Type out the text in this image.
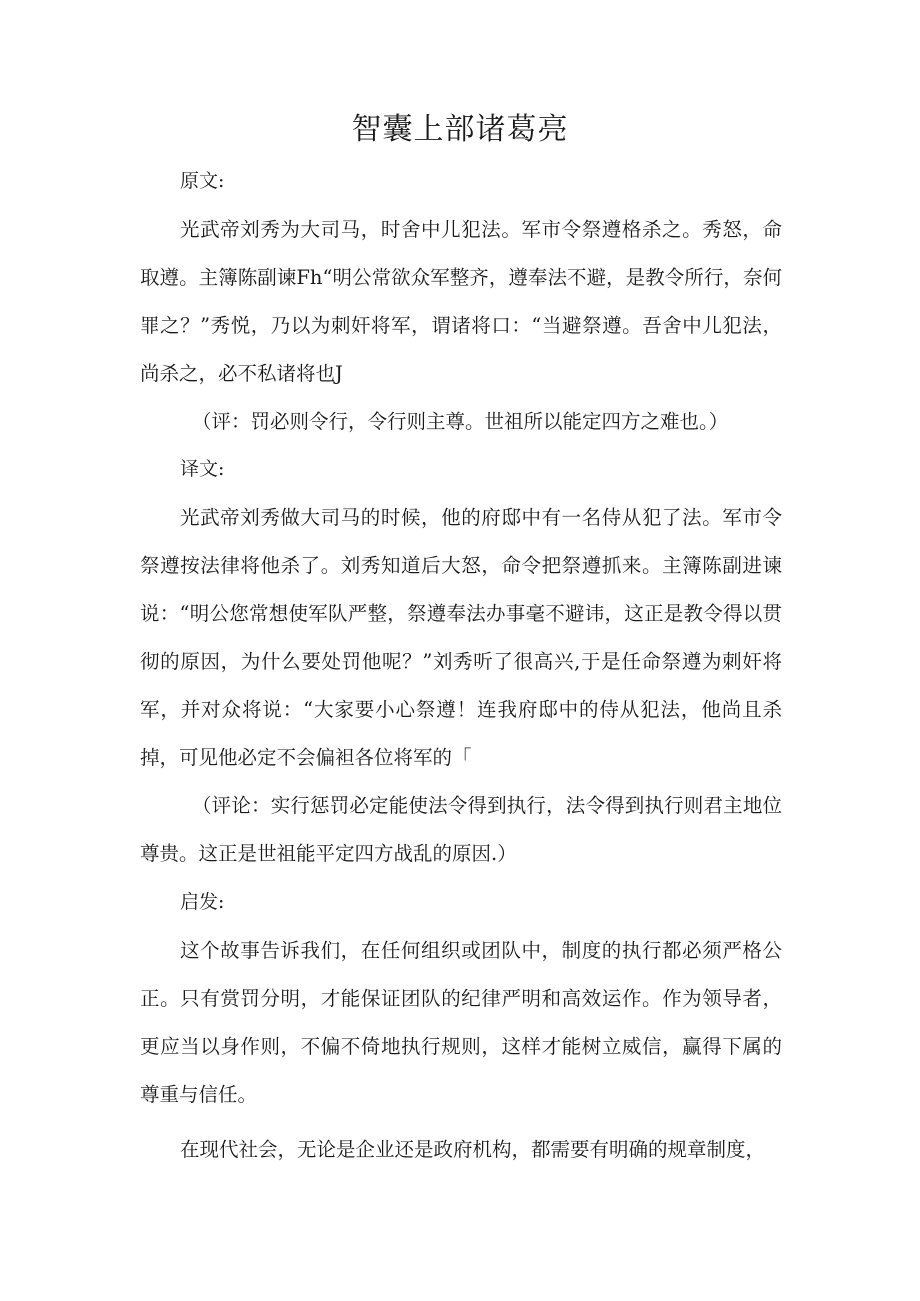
智囊上部诸葛亮

原文:

光武帝刘秀为大司马，时舍中儿犯法。军市令祭遵格杀之。秀怒，命取遵。主簿陈副谏Fh“明公常欲众军整齐，遵奉法不避，是教令所行，奈何罪之？”秀悦，乃以为刺奸将军，谓诸将口：“当避祭遵。吾舍中儿犯法，尚杀之，必不私诸将也J

（评：罚必则令行，令行则主尊。世祖所以能定四方之难也。）

译文:

光武帝刘秀做大司马的时候，他的府邸中有一名侍从犯了法。军市令祭遵按法律将他杀了。刘秀知道后大怒，命令把祭遵抓来。主簿陈副进谏说：“明公您常想使军队严整，祭遵奉法办事毫不避讳，这正是教令得以贯彻的原因，为什么要处罚他呢？”刘秀听了很高兴,于是任命祭遵为刺奸将军，并对众将说：“大家要小心祭遵！连我府邸中的侍从犯法，他尚且杀掉，可见他必定不会偏袒各位将军的「

（评论：实行惩罚必定能使法令得到执行，法令得到执行则君主地位尊贵。这正是世祖能平定四方战乱的原因.）

启发:

这个故事告诉我们，在任何组织或团队中，制度的执行都必须严格公正。只有赏罚分明，才能保证团队的纪律严明和高效运作。作为领导者，更应当以身作则，不偏不倚地执行规则，这样才能树立威信，赢得下属的尊重与信任。

在现代社会，无论是企业还是政府机构，都需要有明确的规章制度，
